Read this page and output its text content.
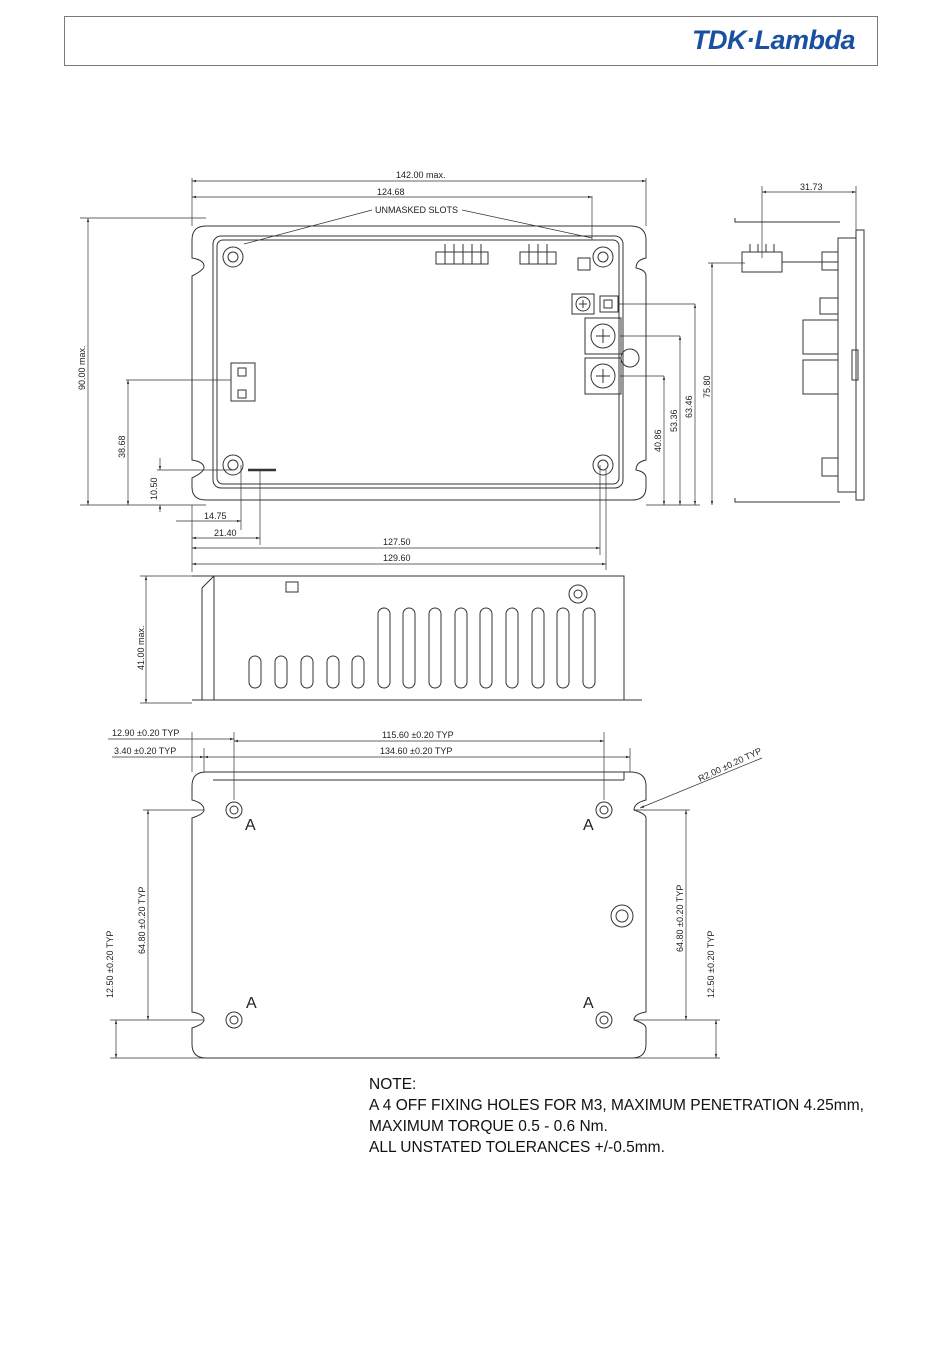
TDK·Lambda
142.00 max.
124.68
UNMASKED SLOTS
90.00 max.
38.68
10.50
14.75
21.40
127.50
129.60
40.86
53.36
63.46
75.80
31.73
41.00 max.
12.90 ±0.20 TYP
3.40 ±0.20 TYP
115.60 ±0.20 TYP
134.60 ±0.20 TYP	R2.00 ±0.20 TYP
64.80 ±0.20 TYP
12.50 ±0.20 TYP
64.80 ±0.20 TYP
12.50 ±0.20 TYP
A	A
A	A
NOTE:
A 4 OFF FIXING HOLES FOR M3, MAXIMUM PENETRATION 4.25mm,
MAXIMUM TORQUE 0.5 - 0.6 Nm.
ALL UNSTATED TOLERANCES +/-0.5mm.
